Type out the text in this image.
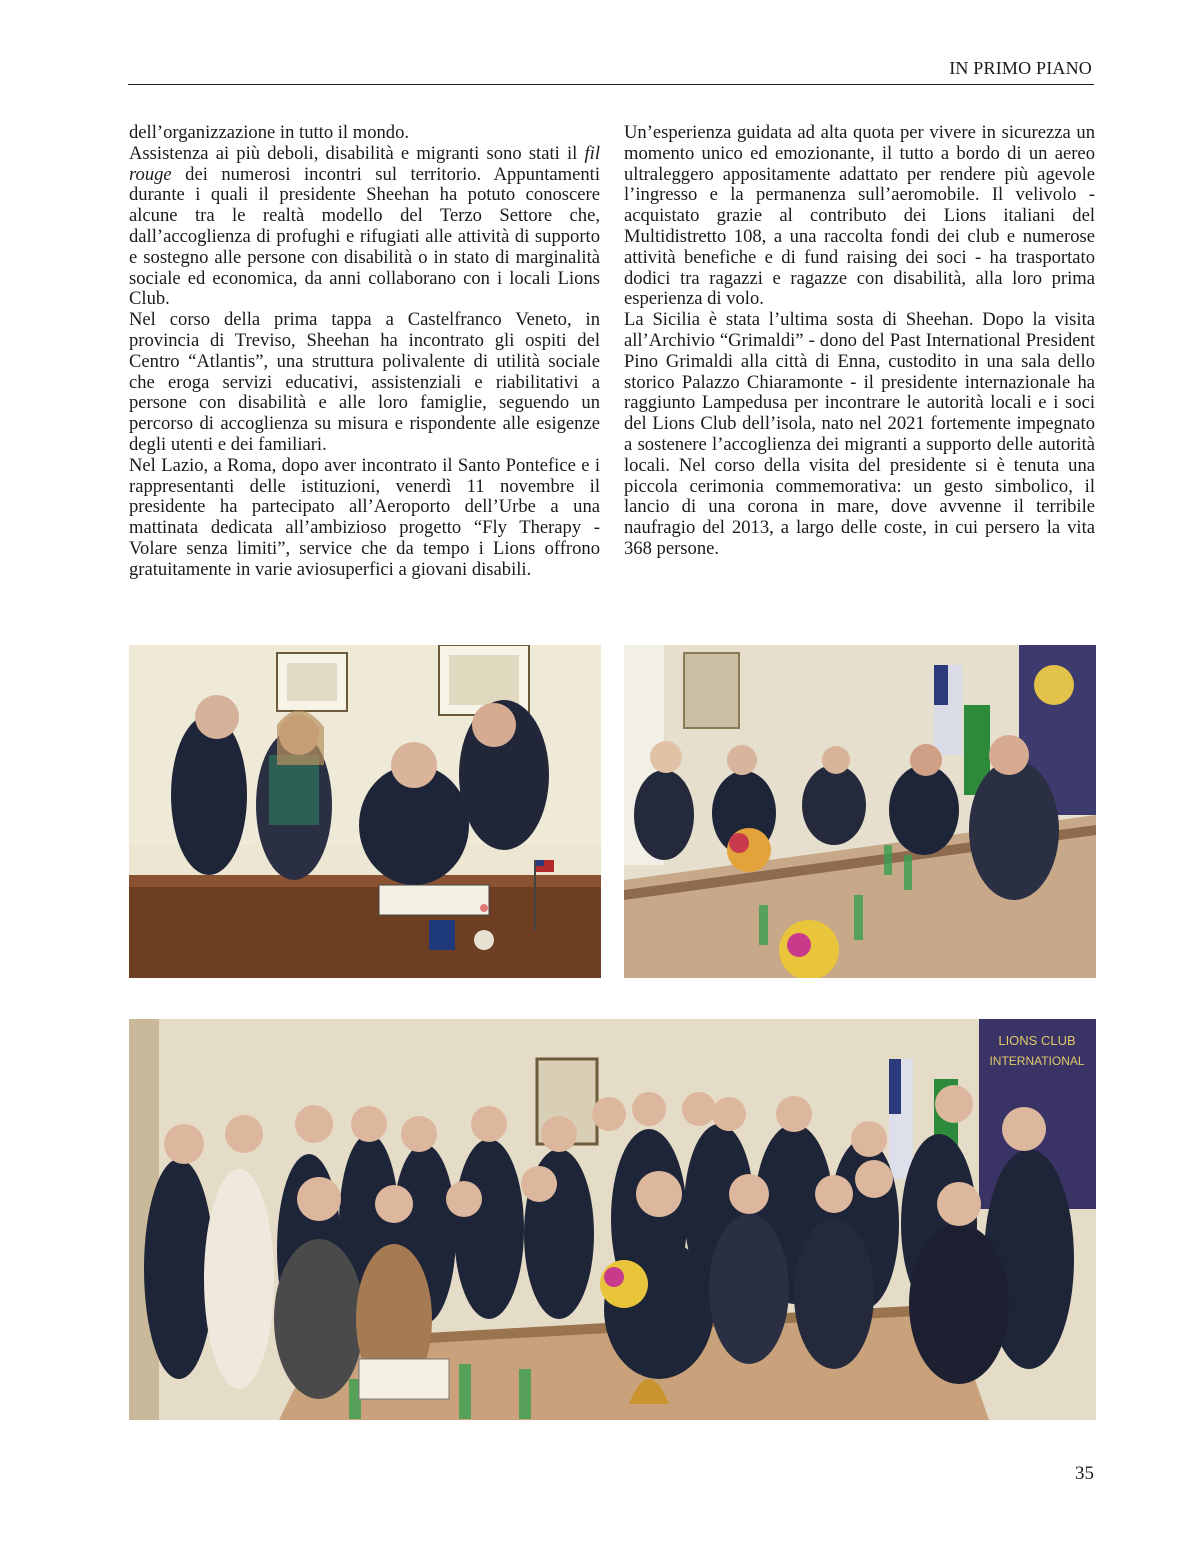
IN PRIMO PIANO

dell’organizzazione in tutto il mondo.

Assistenza ai più deboli, disabilità e migranti sono stati il fil rouge dei numerosi incontri sul territorio. Appuntamenti durante i quali il presidente Sheehan ha potuto conoscere alcune tra le realtà modello del Terzo Settore che, dall’accoglienza di profughi e rifugiati alle attività di supporto e sostegno alle persone con disabilità o in stato di marginalità sociale ed economica, da anni collaborano con i locali Lions Club.

Nel corso della prima tappa a Castelfranco Veneto, in provincia di Treviso, Sheehan ha incontrato gli ospiti del Centro “Atlantis”, una struttura polivalente di utilità sociale che eroga servizi educativi, assistenziali e riabilitativi a persone con disabilità e alle loro famiglie, seguendo un percorso di accoglienza su misura e rispondente alle esigenze degli utenti e dei familiari.

Nel Lazio, a Roma, dopo aver incontrato il Santo Pontefice e i rappresentanti delle istituzioni, venerdì 11 novembre il presidente ha partecipato all’Aeroporto dell’Urbe a una mattinata dedicata all’ambizioso progetto “Fly Therapy - Volare senza limiti”, service che da tempo i Lions offrono gratuitamente in varie aviosuperfici a giovani disabili.

Un’esperienza guidata ad alta quota per vivere in sicurezza un momento unico ed emozionante, il tutto a bordo di un aereo ultraleggero appositamente adattato per rendere più agevole l’ingresso e la permanenza sull’aeromobile. Il velivolo - acquistato grazie al contributo dei Lions italiani del Multidistretto 108, a una raccolta fondi dei club e numerose attività benefiche e di fund raising dei soci - ha trasportato dodici tra ragazzi e ragazze con disabilità, alla loro prima esperienza di volo.

La Sicilia è stata l’ultima sosta di Sheehan. Dopo la visita all’Archivio “Grimaldi” - dono del Past International President Pino Grimaldi alla città di Enna, custodito in una sala dello storico Palazzo Chiaramonte - il presidente internazionale ha raggiunto Lampedusa per incontrare le autorità locali e i soci del Lions Club dell’isola, nato nel 2021 fortemente impegnato a sostenere l’accoglienza dei migranti a supporto delle autorità locali. Nel corso della visita del presidente si è tenuta una piccola cerimonia commemorativa: un gesto simbolico, il lancio di una corona in mare, dove avvenne il terribile naufragio del 2013, a largo delle coste, in cui persero la vita 368 persone.

LIONS CLUB
INTERNATIONAL
35
